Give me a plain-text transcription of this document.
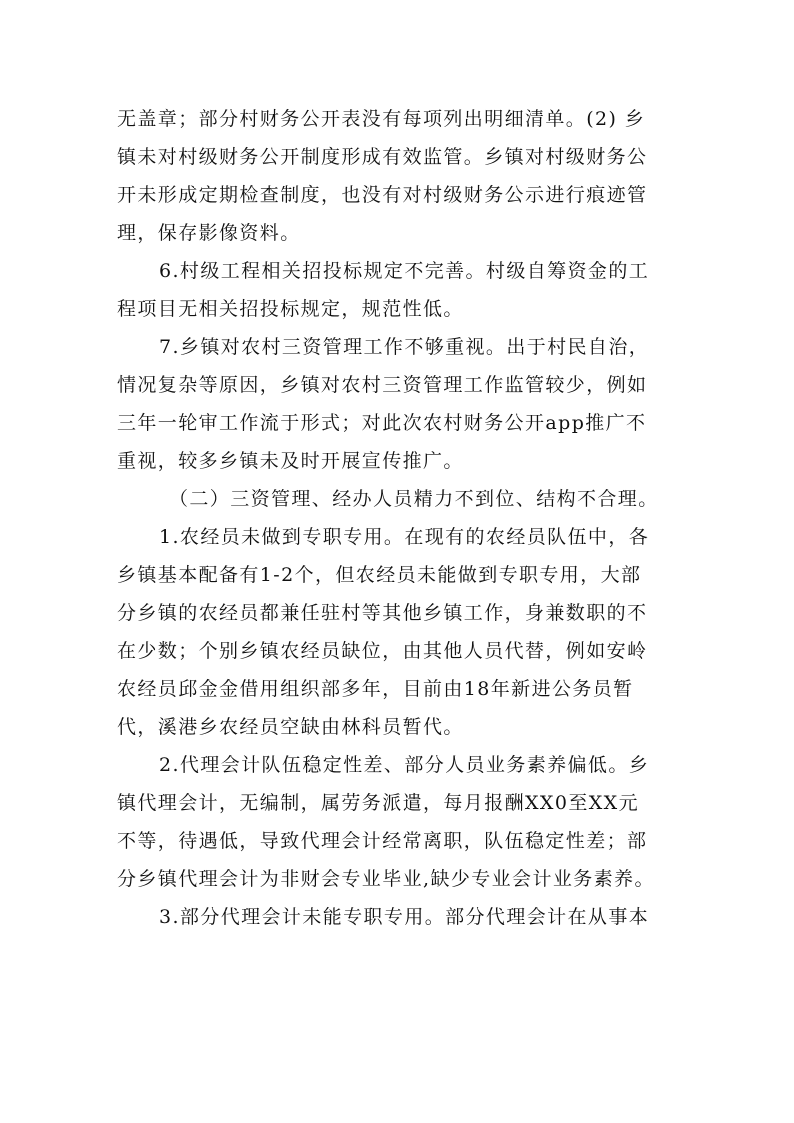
无盖章；部分村财务公开表没有每项列出明细清单。(2) 乡
镇未对村级财务公开制度形成有效监管。乡镇对村级财务公
开未形成定期检查制度，也没有对村级财务公示进行痕迹管
理，保存影像资料。
6.村级工程相关招投标规定不完善。村级自筹资金的工
程项目无相关招投标规定，规范性低。
7.乡镇对农村三资管理工作不够重视。出于村民自治，
情况复杂等原因，乡镇对农村三资管理工作监管较少，例如
三年一轮审工作流于形式；对此次农村财务公开app推广不
重视，较多乡镇未及时开展宣传推广。
（二）三资管理、经办人员精力不到位、结构不合理。
1.农经员未做到专职专用。在现有的农经员队伍中，各
乡镇基本配备有1-2个，但农经员未能做到专职专用，大部
分乡镇的农经员都兼任驻村等其他乡镇工作，身兼数职的不
在少数；个别乡镇农经员缺位，由其他人员代替，例如安岭
农经员邱金金借用组织部多年，目前由18年新进公务员暂
代，溪港乡农经员空缺由林科员暂代。
2.代理会计队伍稳定性差、部分人员业务素养偏低。乡
镇代理会计，无编制，属劳务派遣，每月报酬XX0至XX元
不等，待遇低，导致代理会计经常离职，队伍稳定性差；部
分乡镇代理会计为非财会专业毕业,缺少专业会计业务素养。
3.部分代理会计未能专职专用。部分代理会计在从事本
